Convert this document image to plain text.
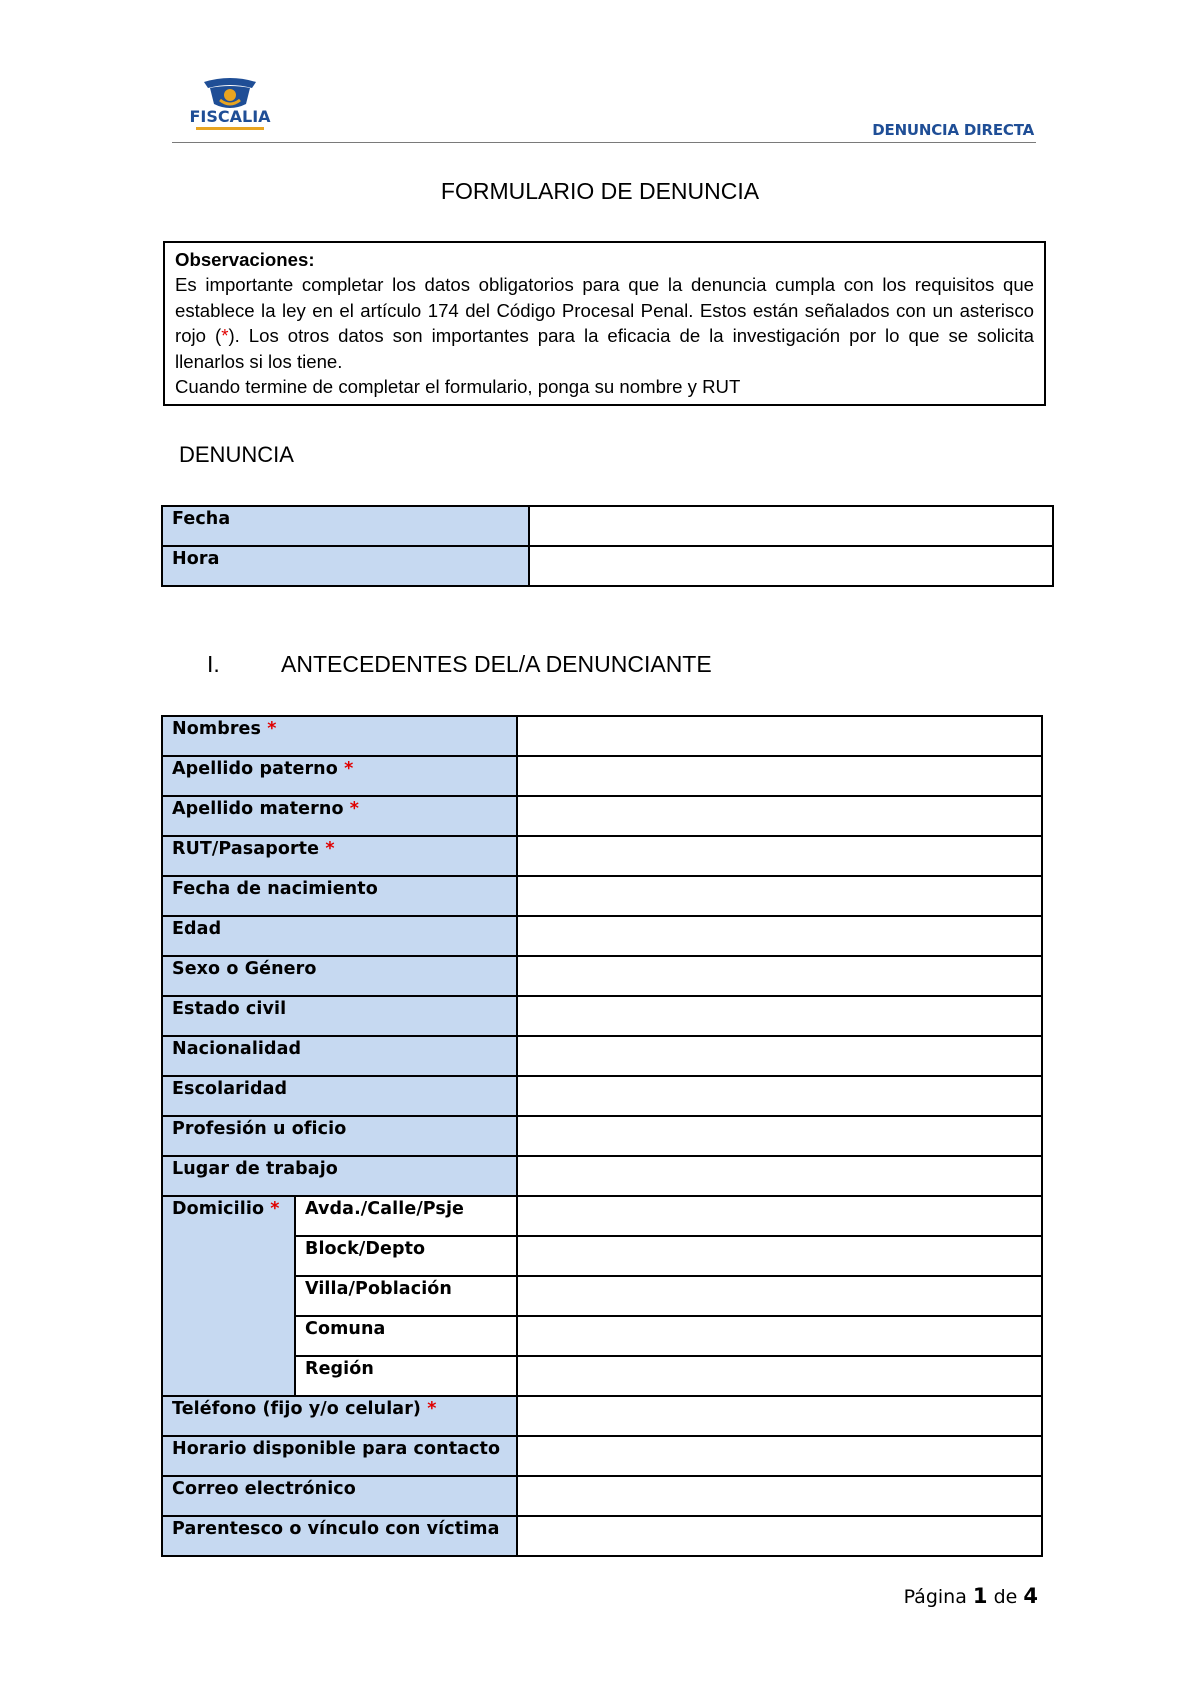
FISCALIA
DENUNCIA DIRECTA
FORMULARIO DE DENUNCIA
Observaciones:
Es importante completar los datos obligatorios para que la denuncia cumpla con los requisitos que establece la ley en el artículo 174 del Código Procesal Penal. Estos están señalados con un asterisco rojo (*). Los otros datos son importantes para la eficacia de la investigación por lo que se solicita llenarlos si los tiene.
Cuando termine de completar el formulario, ponga su nombre y RUT
DENUNCIA
Fecha	
Hora	
I.	ANTECEDENTES DEL/A DENUNCIANTE
Nombres *		
Apellido paterno *		
Apellido materno *		
RUT/Pasaporte *		
Fecha de nacimiento		
Edad		
Sexo o Género		
Estado civil		
Nacionalidad		
Escolaridad		
Profesión u oficio		
Lugar de trabajo		
Domicilio *	Avda./Calle/Psje	
	Block/Depto	
	Villa/Población	
	Comuna	
	Región	
Teléfono (fijo y/o celular) *		
Horario disponible para contacto		
Correo electrónico		
Parentesco o vínculo con víctima		
Página 1 de 4
